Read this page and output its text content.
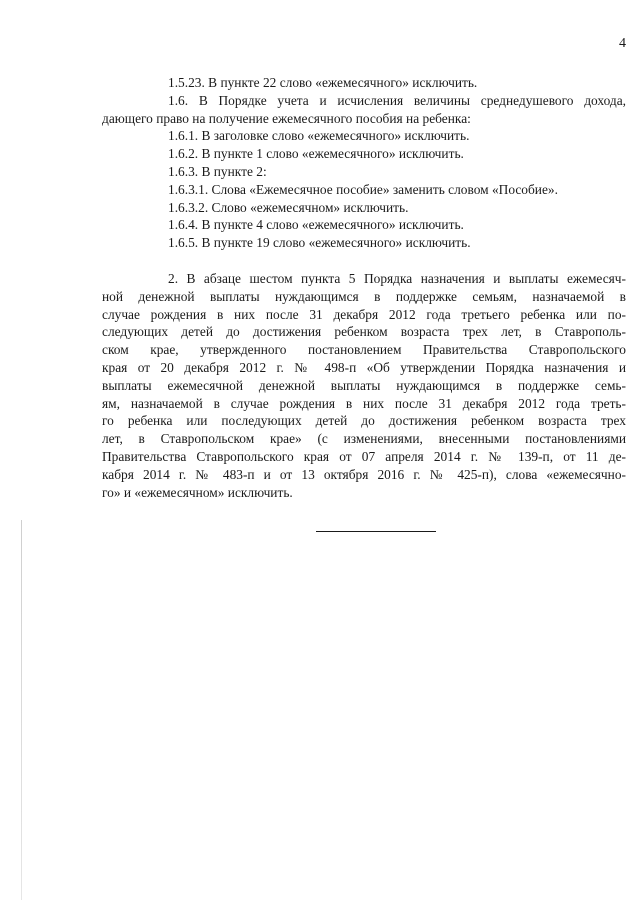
4
1.5.23. В пункте 22 слово «ежемесячного» исключить.
1.6. В Порядке учета и исчисления величины среднедушевого дохода,
дающего право на получение ежемесячного пособия на ребенка:
1.6.1. В заголовке слово «ежемесячного» исключить.
1.6.2. В пункте 1 слово «ежемесячного» исключить.
1.6.3. В пункте 2:
1.6.3.1. Слова «Ежемесячное пособие» заменить словом «Пособие».
1.6.3.2. Слово «ежемесячном» исключить.
1.6.4. В пункте 4 слово «ежемесячного» исключить.
1.6.5. В пункте 19 слово «ежемесячного» исключить.
2. В абзаце шестом пункта 5 Порядка назначения и выплаты ежемесяч-
ной денежной выплаты нуждающимся в поддержке семьям, назначаемой в
случае рождения в них после 31 декабря 2012 года третьего ребенка или по-
следующих детей до достижения ребенком возраста трех лет, в Ставрополь-
ском крае, утвержденного постановлением Правительства Ставропольского
края от 20 декабря 2012 г. № 498-п «Об утверждении Порядка назначения и
выплаты ежемесячной денежной выплаты нуждающимся в поддержке семь-
ям, назначаемой в случае рождения в них после 31 декабря 2012 года треть-
го ребенка или последующих детей до достижения ребенком возраста трех
лет, в Ставропольском крае» (с изменениями, внесенными постановлениями
Правительства Ставропольского края от 07 апреля 2014 г. № 139-п, от 11 де-
кабря 2014 г. № 483-п и от 13 октября 2016 г. № 425-п), слова «ежемесячно-
го» и «ежемесячном» исключить.
